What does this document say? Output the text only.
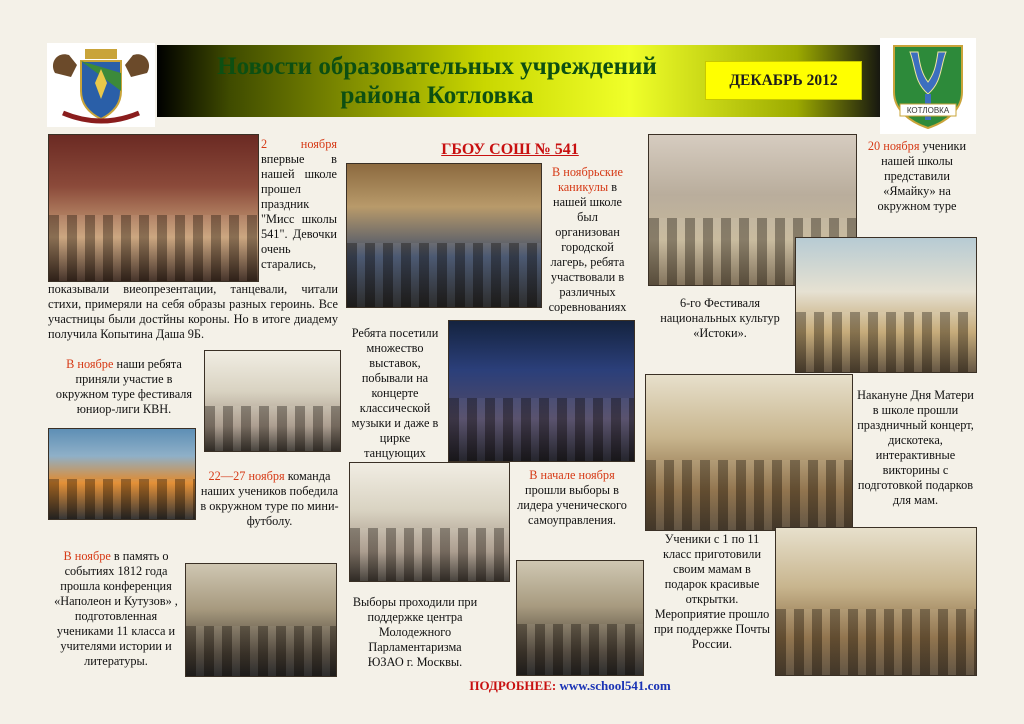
Новости образовательных учреждений
района Котловка
ДЕКАБРЬ 2012
КОТЛОВКА
2 ноября впервые в нашей школе прошел праздник "Мисс школы 541". Девочки очень старались,
показывали виеопрезентации, танцевали, читали стихи, примеряли на себя образы разных героинь. Все участницы были достйны короны. Но в итоге диадему получила Копытина Даша 9Б.
В ноябре наши ребята приняли участие в окружном туре фестиваля юниор-лиги КВН.
22—27 ноября команда наших учеников победила в окружном туре по мини-футболу.
В ноябре в память о событиях 1812 года прошла конференция «Наполеон и Кутузов» , подготовленная учениками 11 класса и учителями истории и литературы.
ГБОУ СОШ № 541
В ноябрьские каникулы в нашей школе был организован городской лагерь, ребята участвовали в различных соревнованиях
Ребята посетили множество выставок, побывали на концерте классической музыки и даже в цирке танцующих
В начале ноября прошли выборы в лидера ученического самоуправления.
Выборы проходили при поддержке центра Молодежного Парламентаризма ЮЗАО г. Москвы.
20 ноября ученики нашей школы представили «Ямайку» на окружном туре
6-го Фестиваля национальных культур «Истоки».
Накануне Дня Матери в школе прошли праздничный концерт, дискотека, интерактивные викторины с подготовкой подарков для мам.
Ученики с 1 по 11 класс приготовили своим мамам в подарок красивые открытки. Мероприятие прошло при поддержке Почты России.
ПОДРОБНЕЕ: www.school541.com
